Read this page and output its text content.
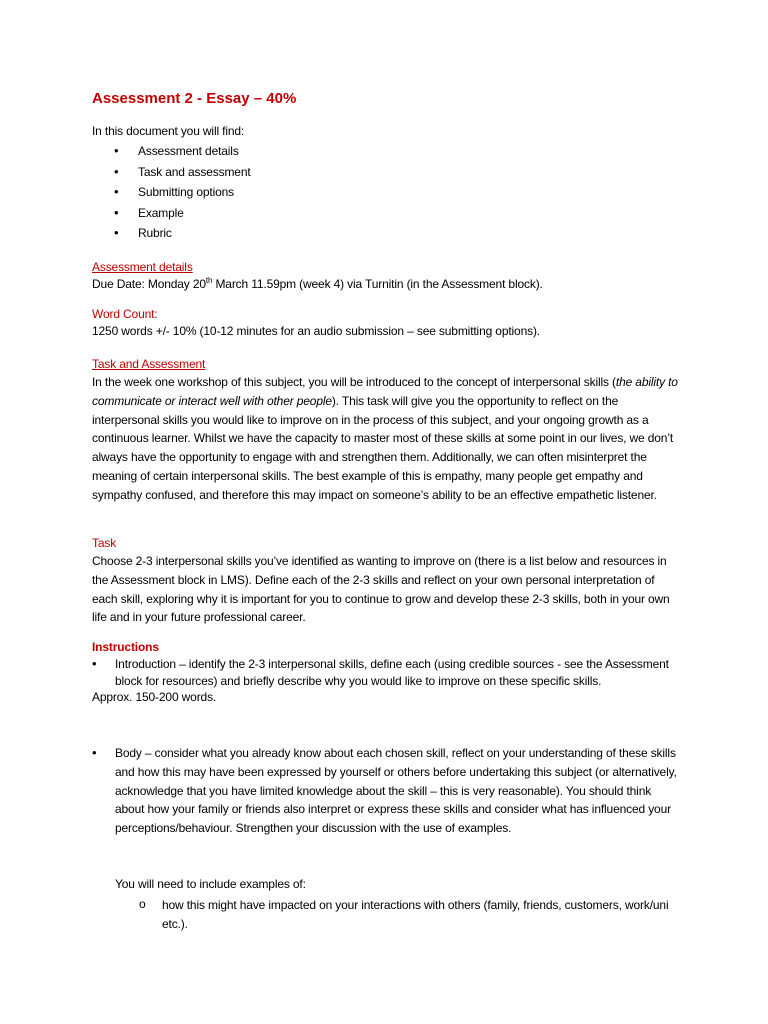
Assessment 2 - Essay – 40%

In this document you will find:

• Assessment details
• Task and assessment
• Submitting options
• Example
• Rubric

Assessment details

Due Date: Monday 20th March 11.59pm (week 4) via Turnitin (in the Assessment block).

Word Count:

1250 words +/- 10% (10-12 minutes for an audio submission – see submitting options).

Task and Assessment

In the week one workshop of this subject, you will be introduced to the concept of interpersonal skills (the ability to communicate or interact well with other people). This task will give you the opportunity to reflect on the interpersonal skills you would like to improve on in the process of this subject, and your ongoing growth as a continuous learner. Whilst we have the capacity to master most of these skills at some point in our lives, we don’t always have the opportunity to engage with and strengthen them. Additionally, we can often misinterpret the meaning of certain interpersonal skills. The best example of this is empathy, many people get empathy and sympathy confused, and therefore this may impact on someone’s ability to be an effective empathetic listener.

Task

Choose 2-3 interpersonal skills you’ve identified as wanting to improve on (there is a list below and resources in the Assessment block in LMS). Define each of the 2-3 skills and reflect on your own personal interpretation of each skill, exploring why it is important for you to continue to grow and develop these 2-3 skills, both in your own life and in your future professional career.

Instructions

• Introduction – identify the 2-3 interpersonal skills, define each (using credible sources - see the Assessment block for resources) and briefly describe why you would like to improve on these specific skills.

Approx. 150-200 words.

• Body – consider what you already know about each chosen skill, reflect on your understanding of these skills and how this may have been expressed by yourself or others before undertaking this subject (or alternatively, acknowledge that you have limited knowledge about the skill – this is very reasonable). You should think about how your family or friends also interpret or express these skills and consider what has influenced your perceptions/behaviour. Strengthen your discussion with the use of examples.

You will need to include examples of:

o how this might have impacted on your interactions with others (family, friends, customers, work/uni etc.).
